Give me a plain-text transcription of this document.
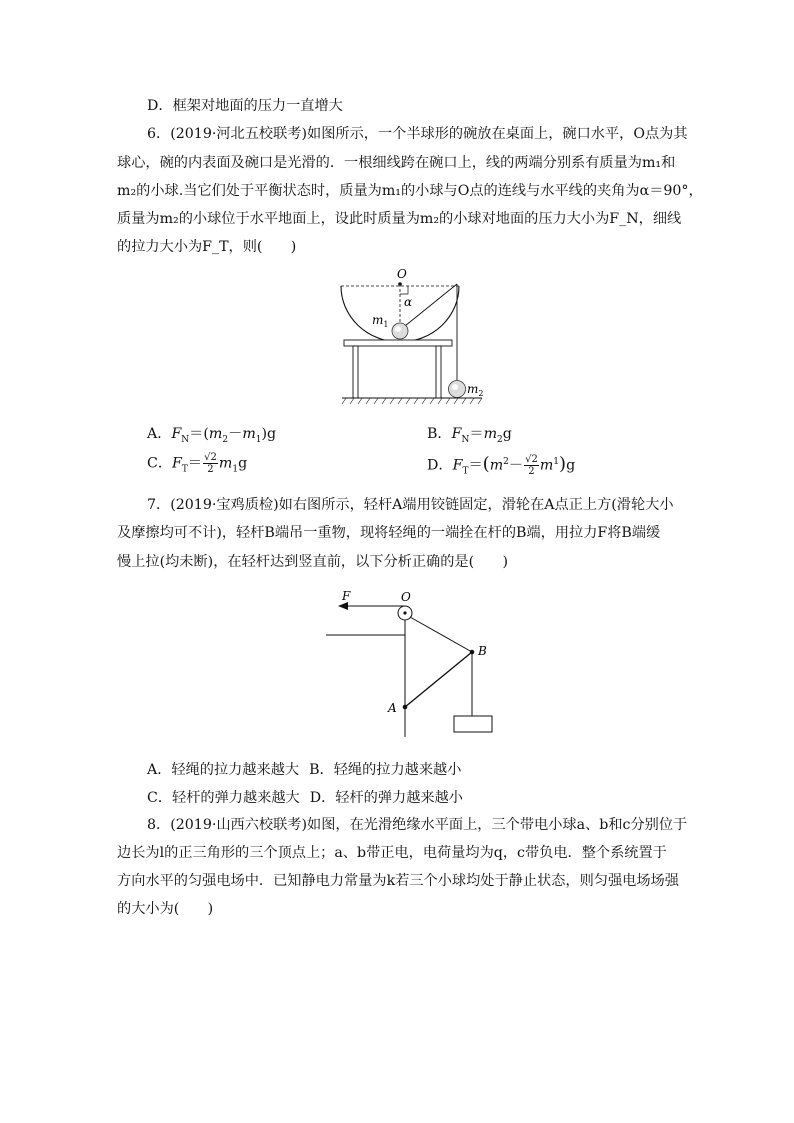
D．框架对地面的压力一直增大
6．(2019·河北五校联考)如图所示，一个半球形的碗放在桌面上，碗口水平，O点为其
球心，碗的内表面及碗口是光滑的．一根细线跨在碗口上，线的两端分别系有质量为m₁和
m₂的小球.当它们处于平衡状态时，质量为m₁的小球与O点的连线与水平线的夹角为α＝90°，
质量为m₂的小球位于水平地面上，设此时质量为m₂的小球对地面的压力大小为F_N，细线
的拉力大小为F_T，则(　　)
O
α
$m_1$
$m_2$
A．$F_N=(m_2-m_1)g$	B．$F_N=m_2g$
C．$F_T= \frac{√2}{2} m_1g$	D．$F_T=(m^2- \frac{√2}{2} m^1)g$
7．(2019·宝鸡质检)如右图所示，轻杆A端用铰链固定，滑轮在A点正上方(滑轮大小
及摩擦均可不计)，轻杆B端吊一重物，现将轻绳的一端拴在杆的B端，用拉力F将B端缓
慢上拉(均未断)，在轻杆达到竖直前，以下分析正确的是(　　)
F	O
B
A
A．轻绳的拉力越来越大 B．轻绳的拉力越来越小
C．轻杆的弹力越来越大 D．轻杆的弹力越来越小
8．(2019·山西六校联考)如图，在光滑绝缘水平面上，三个带电小球a、b和c分别位于
边长为l的正三角形的三个顶点上；a、b带正电，电荷量均为q，c带负电．整个系统置于
方向水平的匀强电场中．已知静电力常量为k若三个小球均处于静止状态，则匀强电场场强
的大小为(　　)
